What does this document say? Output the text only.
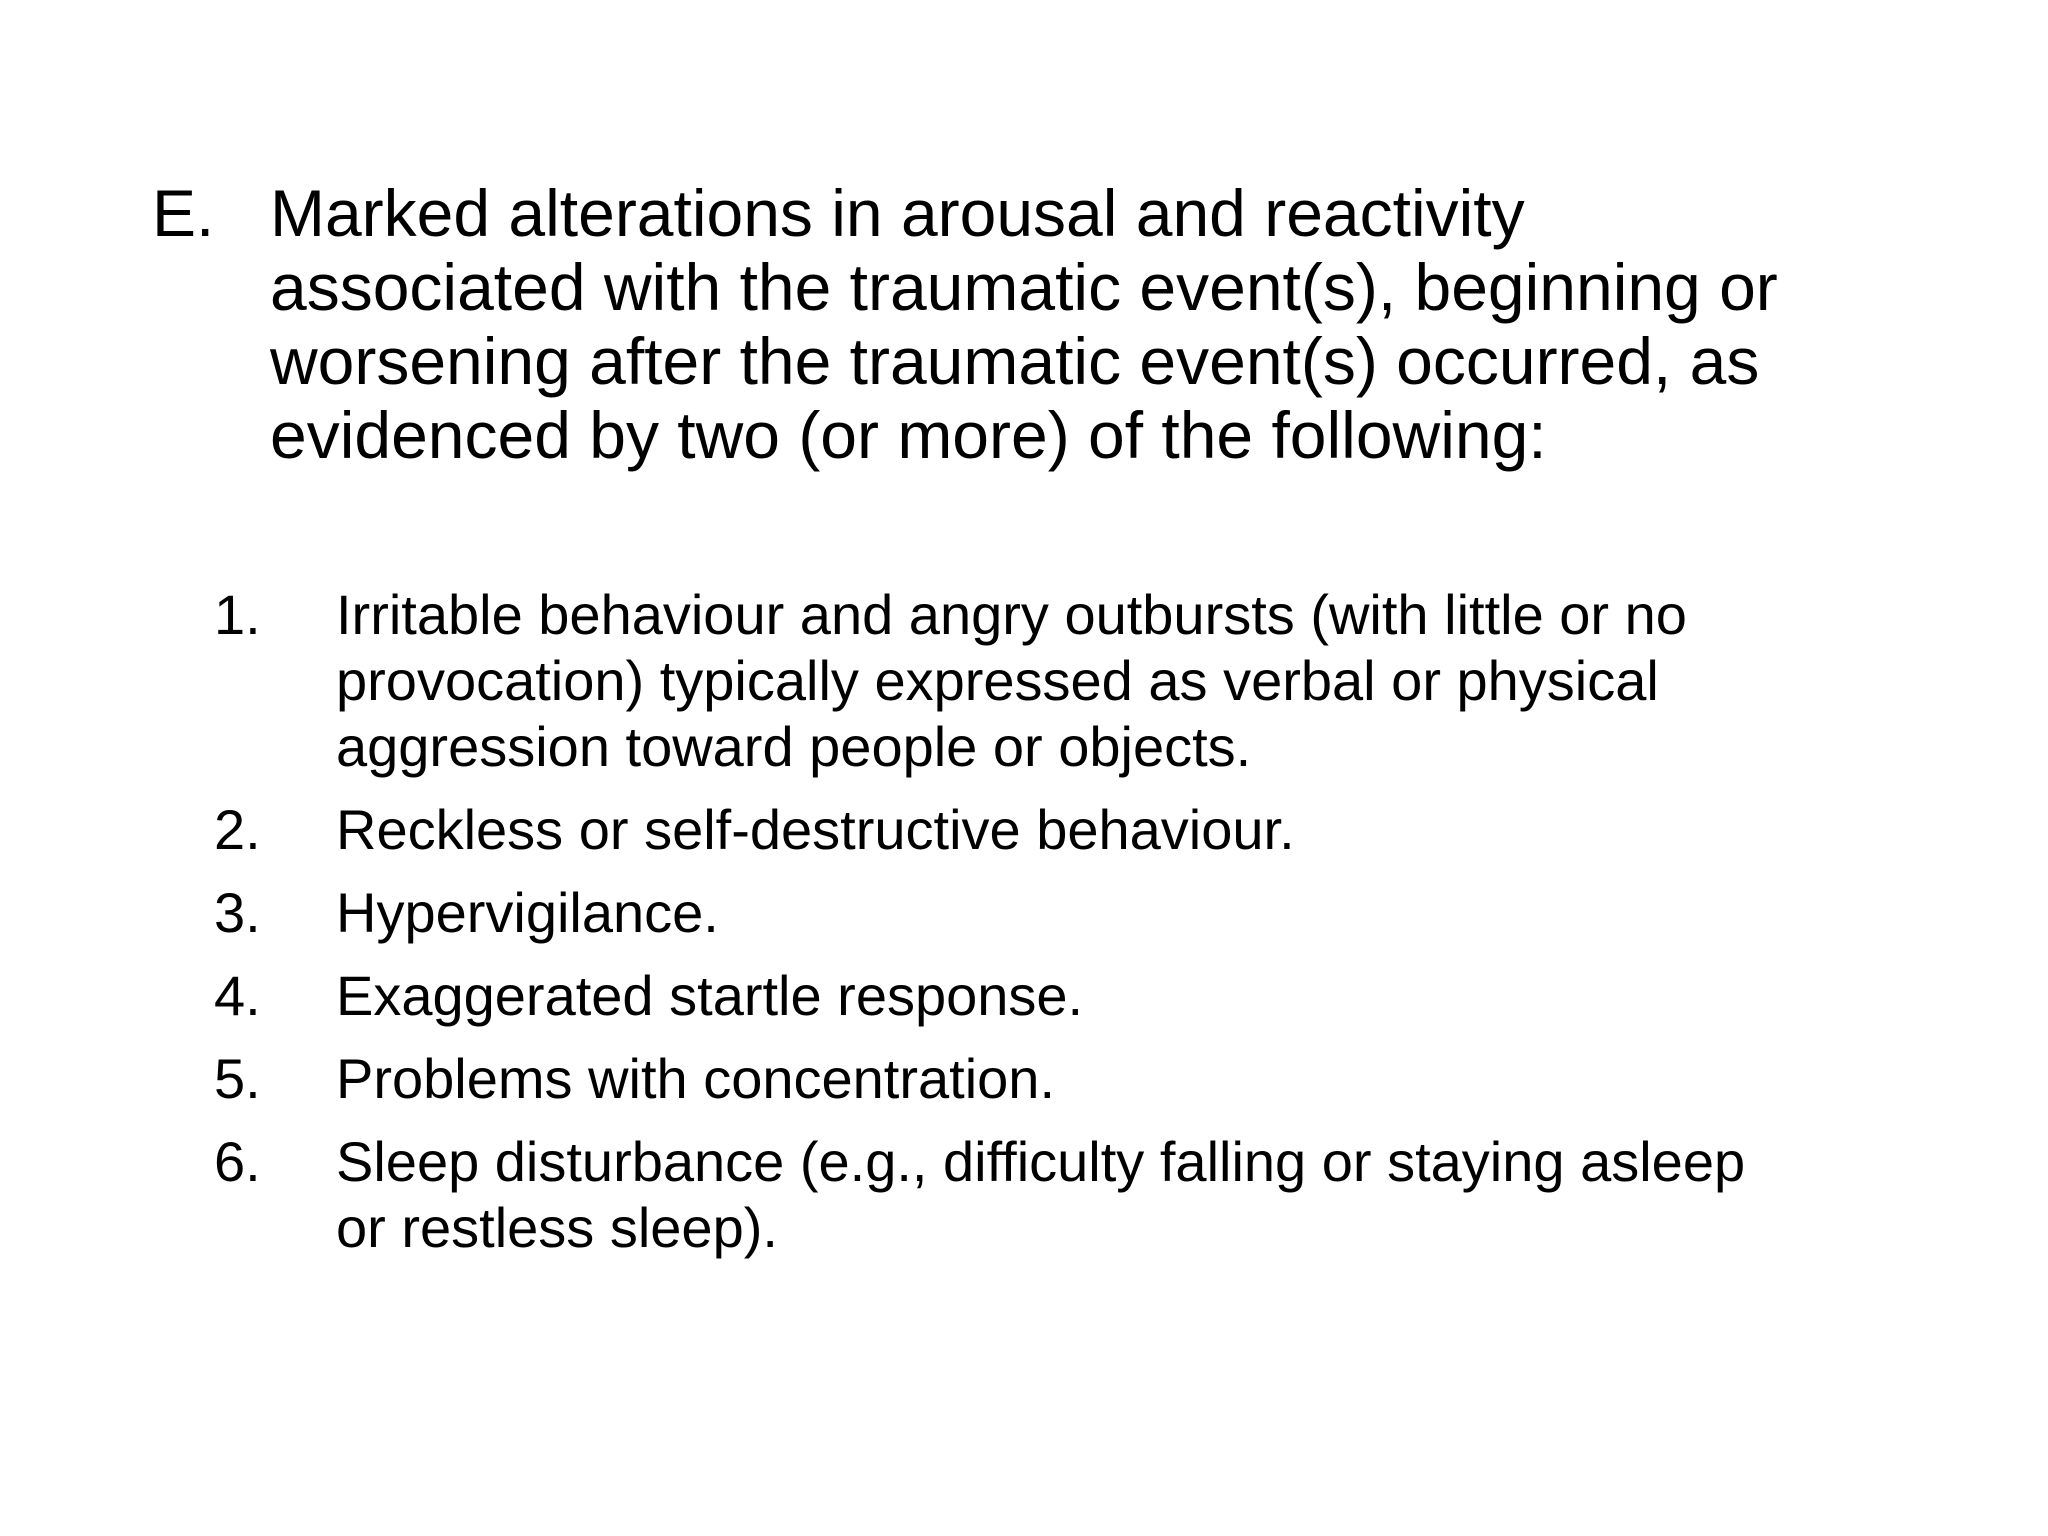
E. Marked alterations in arousal and reactivity
associated with the traumatic event(s), beginning or
worsening after the traumatic event(s) occurred, as
evidenced by two (or more) of the following:
1.	Irritable behaviour and angry outbursts (with little or no
provocation) typically expressed as verbal or physical
aggression toward people or objects.
2.	Reckless or self-destructive behaviour.
3.	Hypervigilance.
4.	Exaggerated startle response.
5.	Problems with concentration.
6.	Sleep disturbance (e.g., difficulty falling or staying asleep
or restless sleep).
